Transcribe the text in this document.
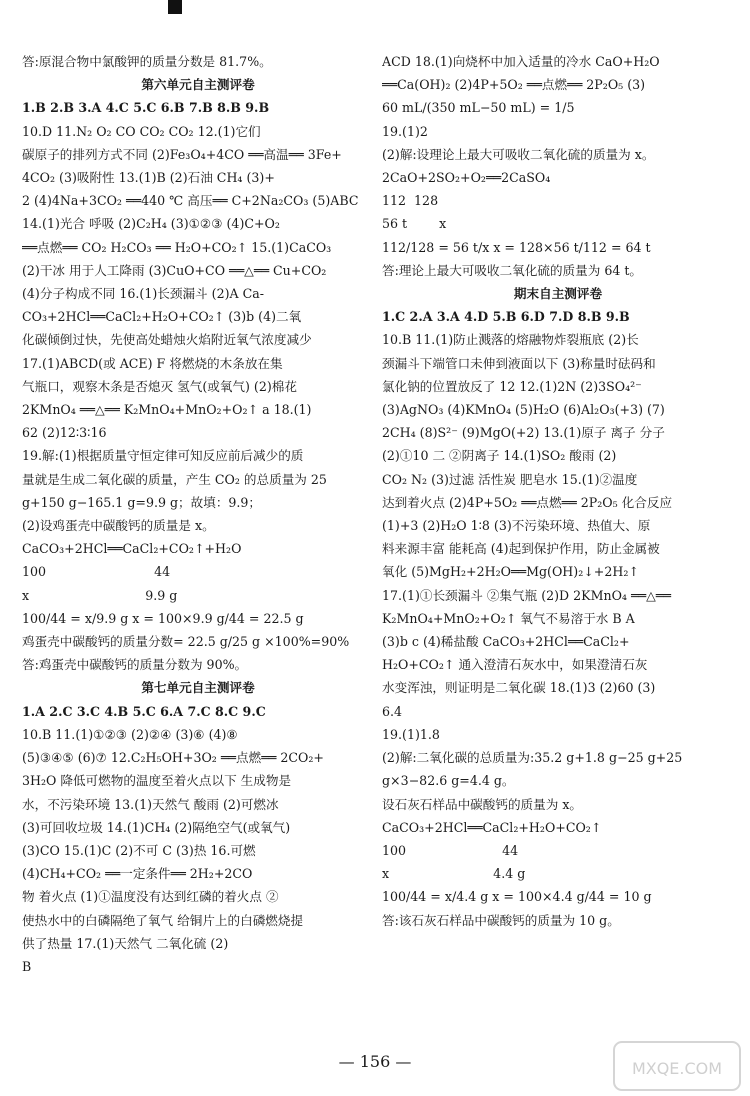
答:原混合物中氯酸钾的质量分数是 81.7%。
第六单元自主测评卷
1.B 2.B 3.A 4.C 5.C 6.B 7.B 8.B 9.B
10.D 11.N₂ O₂ CO CO₂ CO₂ 12.(1)它们
碳原子的排列方式不同 (2)Fe₃O₄+4CO ══高温══ 3Fe+
4CO₂ (3)吸附性 13.(1)B (2)石油 CH₄ (3)+
2 (4)4Na+3CO₂ ══440 ℃ 高压══ C+2Na₂CO₃ (5)ABC
14.(1)光合 呼吸 (2)C₂H₄ (3)①②③ (4)C+O₂
══点燃══ CO₂ H₂CO₃ ══ H₂O+CO₂↑ 15.(1)CaCO₃
(2)干冰 用于人工降雨 (3)CuO+CO ══△══ Cu+CO₂
(4)分子构成不同 16.(1)长颈漏斗 (2)A Ca-
CO₃+2HCl══CaCl₂+H₂O+CO₂↑ (3)b (4)二氧
化碳倾倒过快，先使高处蜡烛火焰附近氧气浓度减少
17.(1)ABCD(或 ACE) F 将燃烧的木条放在集
气瓶口，观察木条是否熄灭 氢气(或氧气) (2)棉花
2KMnO₄ ══△══ K₂MnO₄+MnO₂+O₂↑ a 18.(1)
62 (2)12∶3∶16
19.解:(1)根据质量守恒定律可知反应前后减少的质
量就是生成二氧化碳的质量，产生 CO₂ 的总质量为 25
g+150 g−165.1 g=9.9 g；故填：9.9；
(2)设鸡蛋壳中碳酸钙的质量是 x。
CaCO₃+2HCl══CaCl₂+CO₂↑+H₂O
100                           44
x                             9.9 g
100/44 = x/9.9 g x = 100×9.9 g/44 = 22.5 g
鸡蛋壳中碳酸钙的质量分数= 22.5 g/25 g ×100%=90%
答:鸡蛋壳中碳酸钙的质量分数为 90%。
第七单元自主测评卷
1.A 2.C 3.C 4.B 5.C 6.A 7.C 8.C 9.C
10.B 11.(1)①②③ (2)②④ (3)⑥ (4)⑧
(5)③④⑤ (6)⑦ 12.C₂H₅OH+3O₂ ══点燃══ 2CO₂+
3H₂O 降低可燃物的温度至着火点以下 生成物是
水，不污染环境 13.(1)天然气 酸雨 (2)可燃冰
(3)可回收垃圾 14.(1)CH₄ (2)隔绝空气(或氧气)
(3)CO 15.(1)C (2)不可 C (3)热 16.可燃
(4)CH₄+CO₂ ══一定条件══ 2H₂+2CO
物 着火点 (1)①温度没有达到红磷的着火点 ②
使热水中的白磷隔绝了氧气 给铜片上的白磷燃烧提
供了热量 17.(1)天然气 二氧化硫 (2)
B
ACD 18.(1)向烧杯中加入适量的冷水 CaO+H₂O
══Ca(OH)₂ (2)4P+5O₂ ══点燃══ 2P₂O₅ (3)
60 mL/(350 mL−50 mL) = 1/5
19.(1)2
(2)解:设理论上最大可吸收二氧化硫的质量为 x。
2CaO+2SO₂+O₂══2CaSO₄
112  128
56 t        x
112/128 = 56 t/x x = 128×56 t/112 = 64 t
答:理论上最大可吸收二氧化硫的质量为 64 t。
期末自主测评卷
1.C 2.A 3.A 4.D 5.B 6.D 7.D 8.B 9.B
10.B 11.(1)防止溅落的熔融物炸裂瓶底 (2)长
颈漏斗下端管口未伸到液面以下 (3)称量时砝码和
氯化钠的位置放反了 12 12.(1)2N (2)3SO₄²⁻
(3)AgNO₃ (4)KMnO₄ (5)H₂O (6)Al₂O₃(+3) (7)
2CH₄ (8)S²⁻ (9)MgO(+2) 13.(1)原子 离子 分子
(2)①10 二 ②阴离子 14.(1)SO₂ 酸雨 (2)
CO₂ N₂ (3)过滤 活性炭 肥皂水 15.(1)②温度
达到着火点 (2)4P+5O₂ ══点燃══ 2P₂O₅ 化合反应
(1)+3 (2)H₂O 1∶8 (3)不污染环境、热值大、原
料来源丰富 能耗高 (4)起到保护作用，防止金属被
氧化 (5)MgH₂+2H₂O══Mg(OH)₂↓+2H₂↑
17.(1)①长颈漏斗 ②集气瓶 (2)D 2KMnO₄ ══△══
K₂MnO₄+MnO₂+O₂↑ 氧气不易溶于水 B A
(3)b c (4)稀盐酸 CaCO₃+2HCl══CaCl₂+
H₂O+CO₂↑ 通入澄清石灰水中，如果澄清石灰
水变浑浊，则证明是二氧化碳 18.(1)3 (2)60 (3)
6.4
19.(1)1.8
(2)解:二氧化碳的总质量为:35.2 g+1.8 g−25 g+25
g×3−82.6 g=4.4 g。
设石灰石样品中碳酸钙的质量为 x。
CaCO₃+2HCl══CaCl₂+H₂O+CO₂↑
100                        44
x                          4.4 g
100/44 = x/4.4 g x = 100×4.4 g/44 = 10 g
答:该石灰石样品中碳酸钙的质量为 10 g。
— 156 —	MXQE.COM
